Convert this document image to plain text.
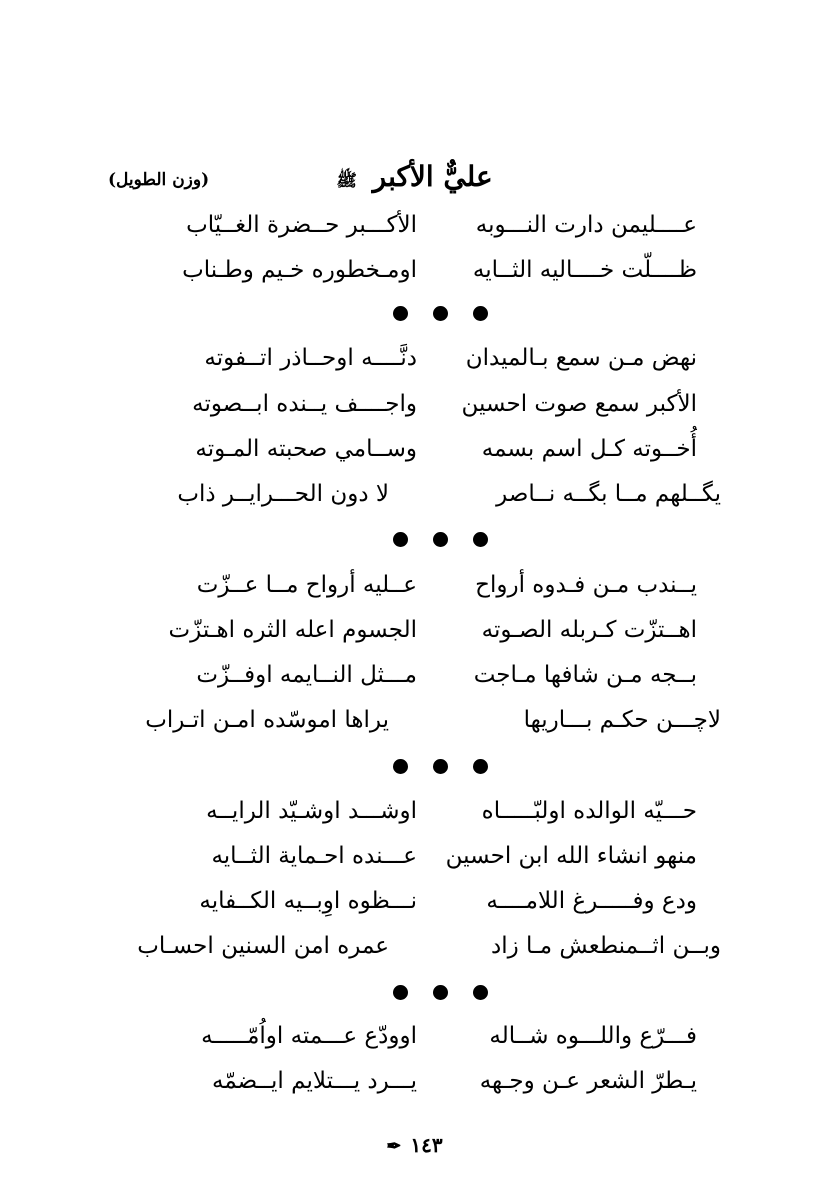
عليٌّ الأكبر ﷺ
(وزن الطويل)
عــــليمن دارت النـــوبه
الأكـــبر حــضرة الغــيّاب
ظــــلّت خــــاليه الثــايه
اومـخطوره خـيم وطـناب
نهض مـن سمع بـالميدان
دنَّــــه اوحــاذر اتــفوته
الأكبر سمع صوت احسين
واجــــف يــنده ابــصوته
أُخــوته كـل اسم بسمه
وســامي صحبته المـوته
يگــلهم مــا بگــه نــاصر
لا دون الحـــرايــر ذاب
يــندب مـن فـدوه أرواح
عــليه أرواح مــا عــزّت
اهــتزّت كـربله الصـوته
الجسوم اعله الثره اهـتزّت
بــجه مـن شافها مـاجت
مـــثل النــايمه اوفــزّت
لاچـــن حكـم بـــاريها
يراها اموسّده امـن اتـراب
حـــيّه الوالده اولبّـــــاه
اوشـــد اوشـيّد الرايــه
منهو انشاء الله ابن احسين
عـــنده احـماية الثــايه
ودع وفـــــرغ اللامــــه
نـــظوه اوِبــيه الكــفايه
وبــن اثــمنطعش مـا زاد
عمره امن السنين احسـاب
فـــرّع واللـــوه شــاله
اوودّع عـــمته اواُمّـــــه
يـطرّ الشعر عـن وجـهه
يـــرد يـــتلايم ايــضمّه
١٤٣ ✒
